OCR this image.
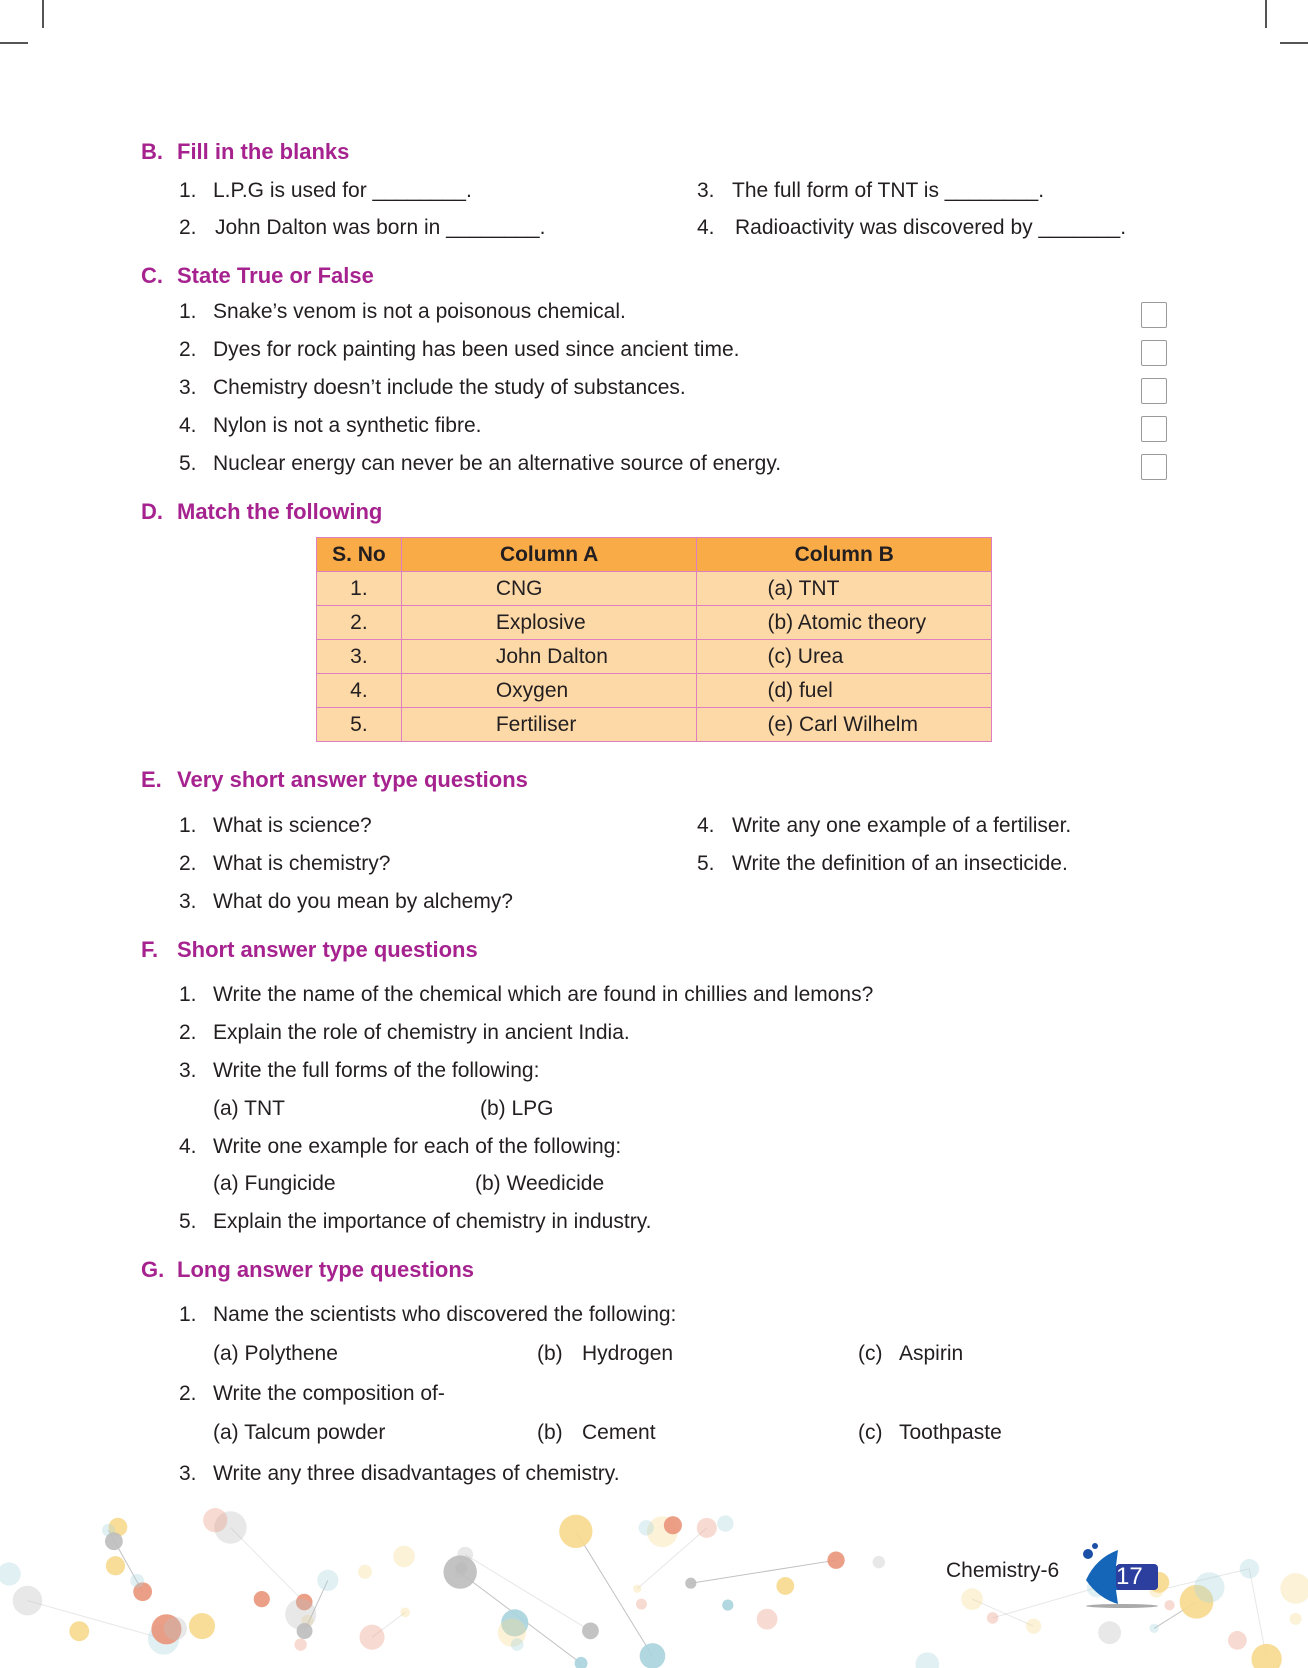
B. Fill in the blanks
1. L.P.G is used for ________.
2. John Dalton was born in ________.
3. The full form of TNT is ________.
4. Radioactivity was discovered by _______.
C. State True or False
1. Snake’s venom is not a poisonous chemical.
2. Dyes for rock painting has been used since ancient time.
3. Chemistry doesn’t include the study of substances.
4. Nylon is not a synthetic fibre.
5. Nuclear energy can never be an alternative source of energy.
D. Match the following
S. No	Column A	Column B
1.	CNG	(a) TNT
2.	Explosive	(b) Atomic theory
3.	John Dalton	(c) Urea
4.	Oxygen	(d) fuel
5.	Fertiliser	(e) Carl Wilhelm
E. Very short answer type questions
1. What is science?
2. What is chemistry?
3. What do you mean by alchemy?
4. Write any one example of a fertiliser.
5. Write the definition of an insecticide.
F. Short answer type questions
1. Write the name of the chemical which are found in chillies and lemons?
2. Explain the role of chemistry in ancient India.
3. Write the full forms of the following:
(a) TNT	(b) LPG
4. Write one example for each of the following:
(a) Fungicide	(b) Weedicide
5. Explain the importance of chemistry in industry.
G. Long answer type questions
1. Name the scientists who discovered the following:
(a) Polythene	(b) Hydrogen	(c) Aspirin
2. Write the composition of-
(a) Talcum powder	(b) Cement	(c) Toothpaste
3. Write any three disadvantages of chemistry.
Chemistry-6 17
